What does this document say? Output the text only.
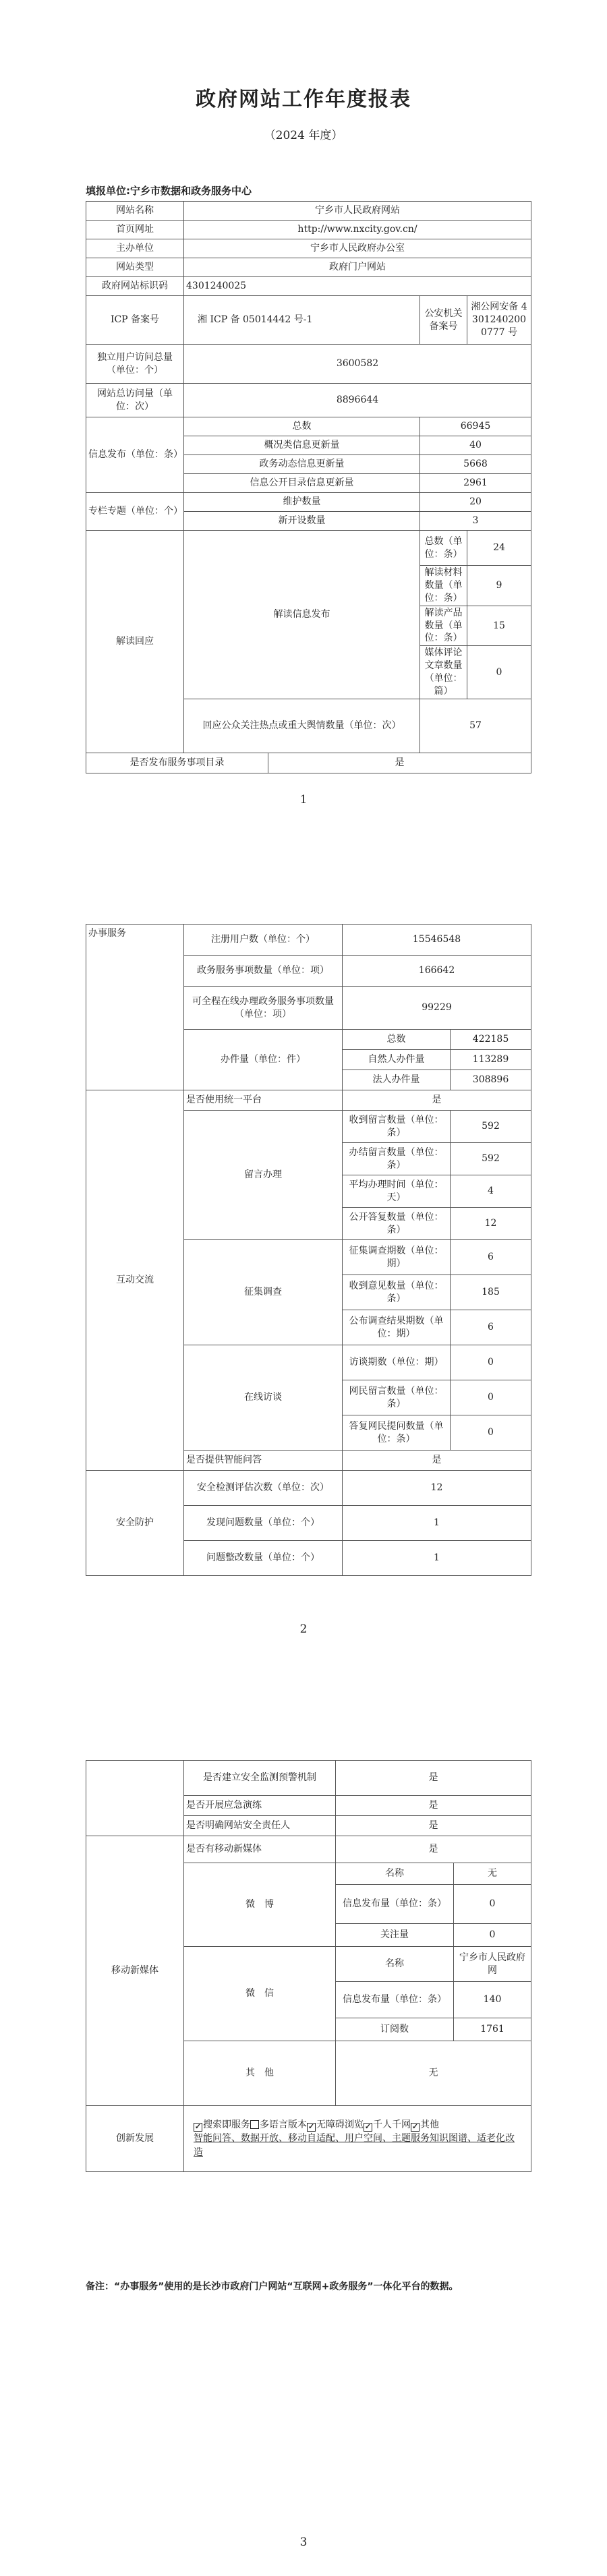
政府网站工作年度报表
（2024 年度）
填报单位:宁乡市数据和政务服务中心
网站名称	宁乡市人民政府网站			
首页网址	http://www.nxcity.gov.cn/			
主办单位	宁乡市人民政府办公室			
网站类型	政府门户网站			
政府网站标识码	4301240025			
ICP 备案号	湘 ICP 备 05014442 号-1		公安机关备案号	湘公网安备 43012402000777 号
独立用户访问总量（单位：个）	3600582			
网站总访问量（单位：次）	8896644			
信息发布（单位：条）	总数		66945	
	概况类信息更新量		40	
	政务动态信息更新量		5668	
	信息公开目录信息更新量		2961	
专栏专题（单位：个）	维护数量		20	
	新开设数量		3	
解读回应	解读信息发布		总数（单位：条）	24
			解读材料数量（单位：条）	9
			解读产品数量（单位：条）	15
			媒体评论文章数量（单位：篇）	0
	回应公众关注热点或重大舆情数量（单位：次）		57	
是否发布服务事项目录		是		
1
办事服务	注册用户数（单位：个）	15546548	
	政务服务事项数量（单位：项）	166642	
	可全程在线办理政务服务事项数量（单位：项）	99229	
	办件量（单位：件）	总数	422185
		自然人办件量	113289
		法人办件量	308896
互动交流	是否使用统一平台	是	
	留言办理	收到留言数量（单位：条）	592
		办结留言数量（单位：条）	592
		平均办理时间（单位：天）	4
		公开答复数量（单位：条）	12
	征集调查	征集调查期数（单位：期）	6
		收到意见数量（单位：条）	185
		公布调查结果期数（单位：期）	6
	在线访谈	访谈期数（单位：期）	0
		网民留言数量（单位：条）	0
		答复网民提问数量（单位：条）	0
	是否提供智能问答	是	
安全防护	安全检测评估次数（单位：次）	12	
	发现问题数量（单位：个）	1	
	问题整改数量（单位：个）	1	
2
	是否建立安全监测预警机制	是	
	是否开展应急演练	是	
	是否明确网站安全责任人	是	
移动新媒体	是否有移动新媒体	是	
	微　博	名称	无
		信息发布量（单位：条）	0
		关注量	0
	微　信	名称	宁乡市人民政府网
		信息发布量（单位：条）	140
		订阅数	1761
	其　他	无	
创新发展	✓ 搜索即服务 多语言版本 ✓ 无障碍浏览 ✓ 千人千网 ✓ 其他
智能问答、数据开放、移动自适配、用户空间、主题服务知识图谱、适老化改造		
备注：“办事服务”使用的是长沙市政府门户网站“互联网+政务服务”一体化平台的数据。
3
